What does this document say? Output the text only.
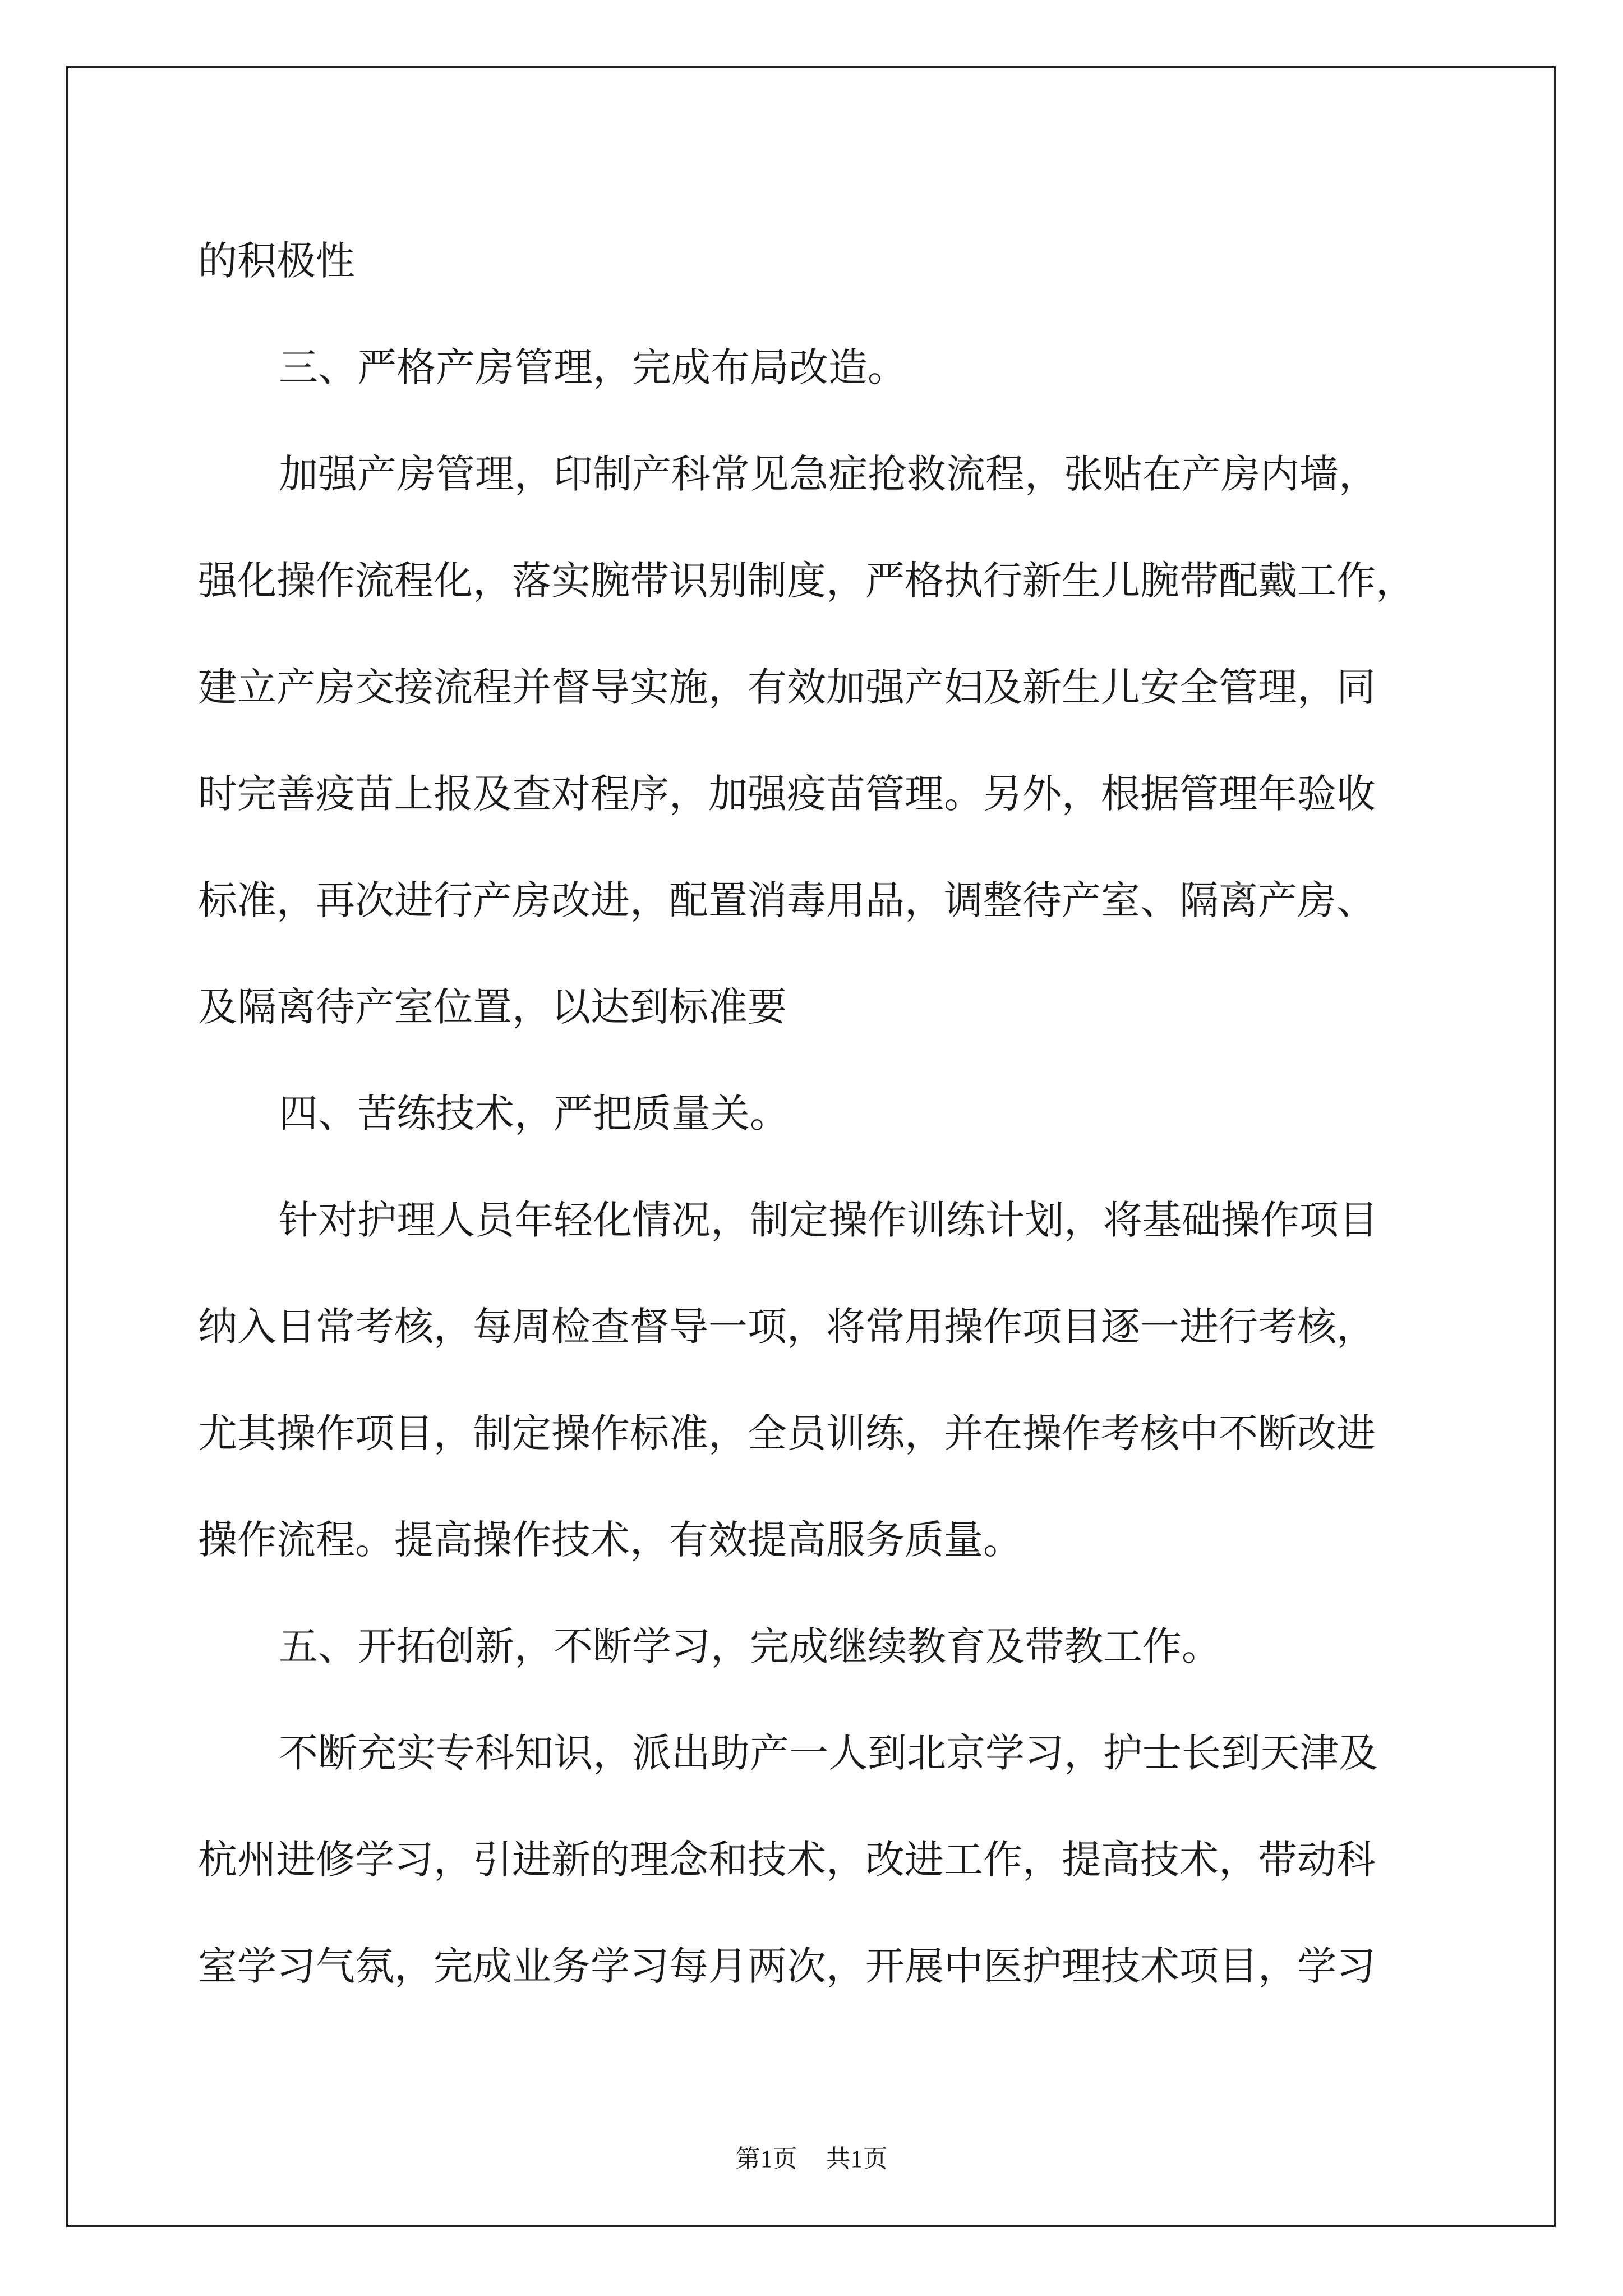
的积极性
三、严格产房管理，完成布局改造。
加强产房管理，印制产科常见急症抢救流程，张贴在产房内墙，
强化操作流程化，落实腕带识别制度，严格执行新生儿腕带配戴工作，
建立产房交接流程并督导实施，有效加强产妇及新生儿安全管理，同
时完善疫苗上报及查对程序，加强疫苗管理。另外，根据管理年验收
标准，再次进行产房改进，配置消毒用品，调整待产室、隔离产房、
及隔离待产室位置，以达到标准要
四、苦练技术，严把质量关。
针对护理人员年轻化情况，制定操作训练计划，将基础操作项目
纳入日常考核，每周检查督导一项，将常用操作项目逐一进行考核，
尤其操作项目，制定操作标准，全员训练，并在操作考核中不断改进
操作流程。提高操作技术，有效提高服务质量。
五、开拓创新，不断学习，完成继续教育及带教工作。
不断充实专科知识，派出助产一人到北京学习，护士长到天津及
杭州进修学习，引进新的理念和技术，改进工作，提高技术，带动科
室学习气氛，完成业务学习每月两次，开展中医护理技术项目，学习
第1页 共1页
